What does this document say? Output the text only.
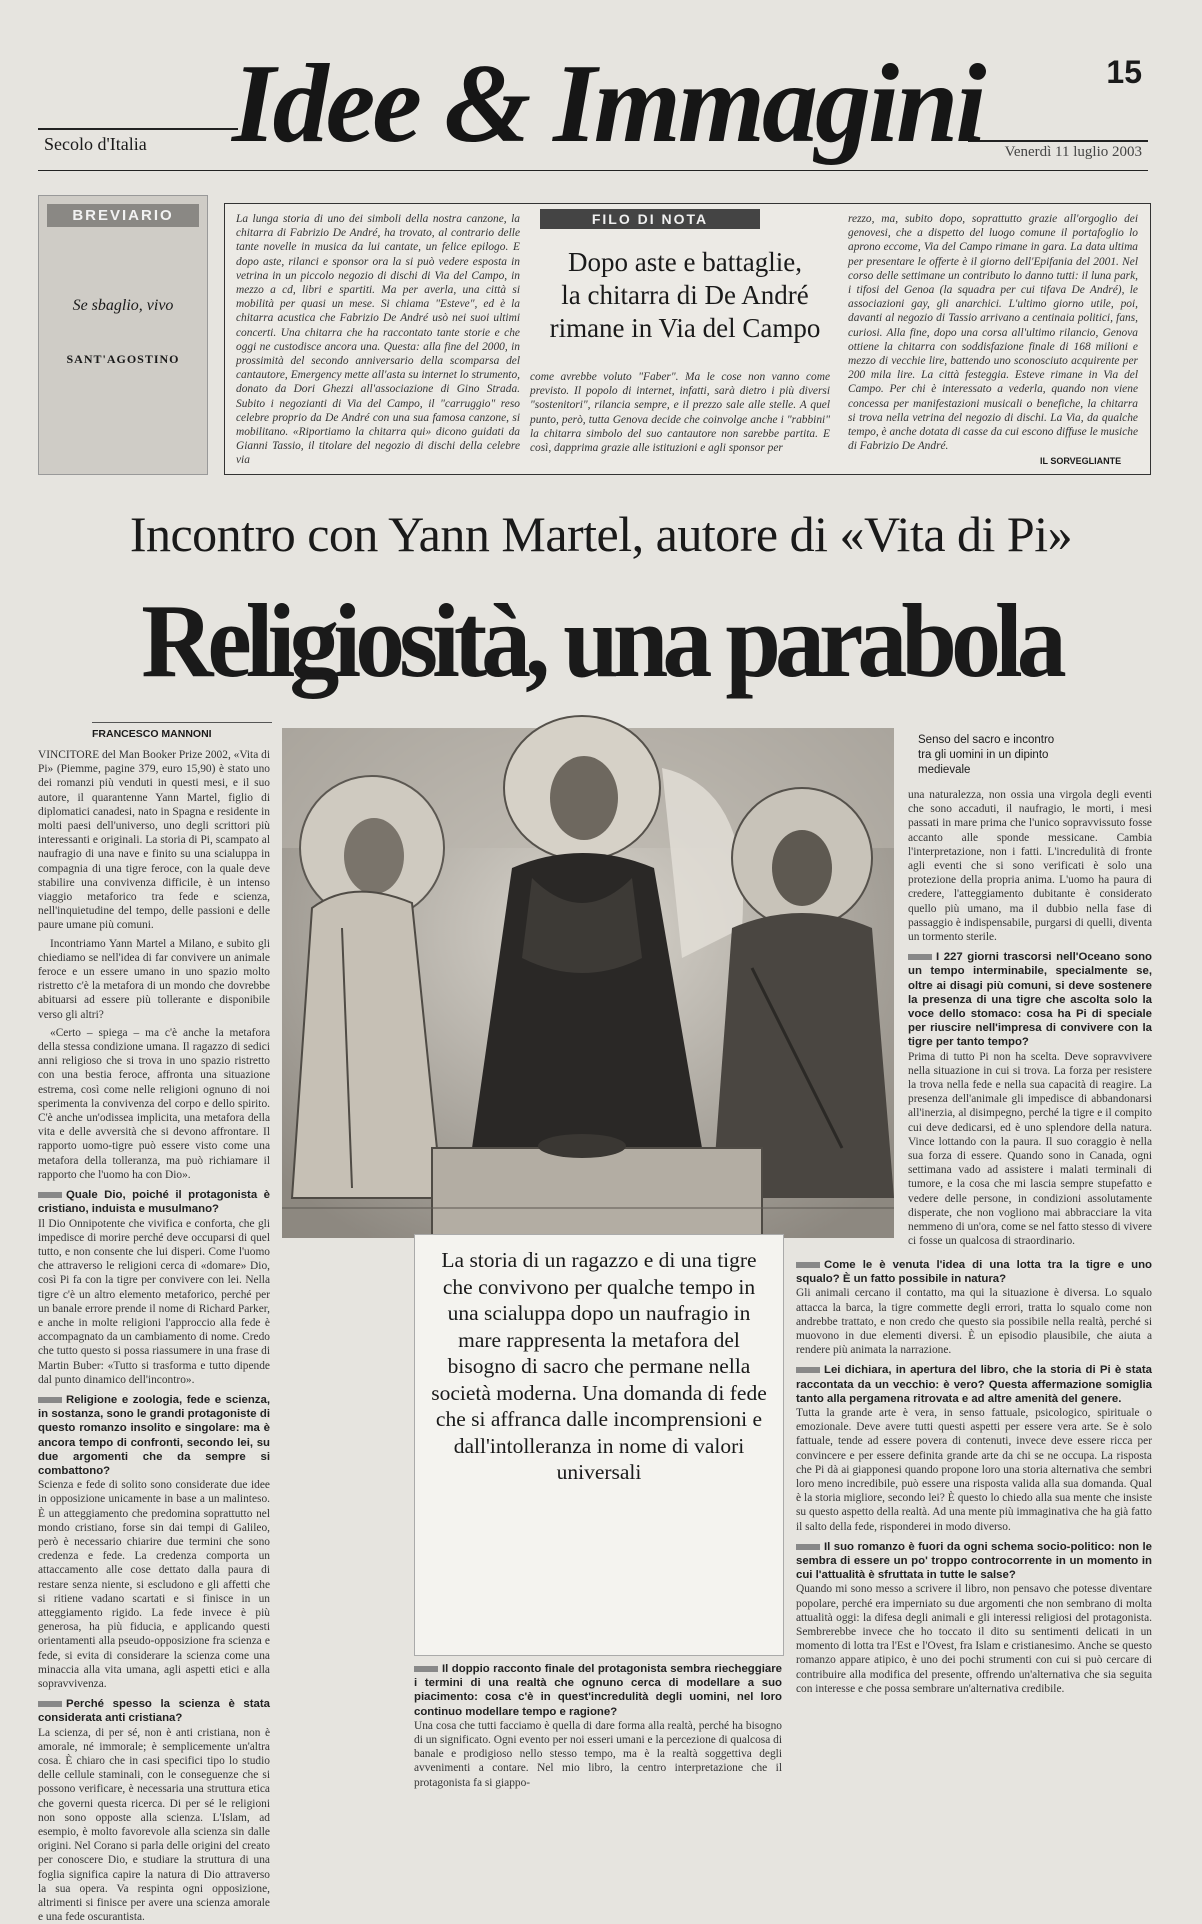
Idee & Immagini
Secolo d'Italia
15
Venerdì 11 luglio 2003
BREVIARIO
Se sbaglio, vivo
SANT'AGOSTINO
La lunga storia di uno dei simboli della nostra canzone, la chitarra di Fabrizio De André, ha trovato, al contrario delle tante novelle in musica da lui cantate, un felice epilogo. E dopo aste, rilanci e sponsor ora la si può vedere esposta in vetrina in un piccolo negozio di dischi di Via del Campo, in mezzo a cd, libri e spartiti. Ma per averla, una città si mobilità per quasi un mese. Si chiama "Esteve", ed è la chitarra acustica che Fabrizio De André usò nei suoi ultimi concerti. Una chitarra che ha raccontato tante storie e che oggi ne custodisce ancora una. Questa: alla fine del 2000, in prossimità del secondo anniversario della scomparsa del cantautore, Emergency mette all'asta su internet lo strumento, donato da Dori Ghezzi all'associazione di Gino Strada. Subito i negozianti di Via del Campo, il "carruggio" reso celebre proprio da De André con una sua famosa canzone, si mobilitano. «Riportiamo la chitarra qui» dicono guidati da Gianni Tassio, il titolare del negozio di dischi della celebre via
FILO DI NOTA
Dopo aste e battaglie,
la chitarra di De André
rimane in Via del Campo
come avrebbe voluto "Faber". Ma le cose non vanno come previsto. Il popolo di internet, infatti, sarà dietro i più diversi "sostenitori", rilancia sempre, e il prezzo sale alle stelle. A quel punto, però, tutta Genova decide che coinvolge anche i "rabbini" la chitarra simbolo del suo cantautore non sarebbe partita. E così, dapprima grazie alle istituzioni e agli sponsor per
rezzo, ma, subito dopo, soprattutto grazie all'orgoglio dei genovesi, che a dispetto del luogo comune il portafoglio lo aprono eccome, Via del Campo rimane in gara. La data ultima per presentare le offerte è il giorno dell'Epifania del 2001. Nel corso delle settimane un contributo lo danno tutti: il luna park, i tifosi del Genoa (la squadra per cui tifava De André), le associazioni gay, gli anarchici. L'ultimo giorno utile, poi, davanti al negozio di Tassio arrivano a centinaia politici, fans, curiosi. Alla fine, dopo una corsa all'ultimo rilancio, Genova ottiene la chitarra con soddisfazione finale di 168 milioni e mezzo di vecchie lire, battendo uno sconosciuto acquirente per 200 mila lire. La città festeggia. Esteve rimane in Via del Campo. Per chi è interessato a vederla, quando non viene concessa per manifestazioni musicali o benefiche, la chitarra si trova nella vetrina del negozio di dischi. La Via, da qualche tempo, è anche dotata di casse da cui escono diffuse le musiche di Fabrizio De André.
IL SORVEGLIANTE
Incontro con Yann Martel, autore di «Vita di Pi»
Religiosità, una parabola
FRANCESCO MANNONI

VINCITORE del Man Booker Prize 2002, «Vita di Pi» (Piemme, pagine 379, euro 15,90) è stato uno dei romanzi più venduti in questi mesi, e il suo autore, il quarantenne Yann Martel, figlio di diplomatici canadesi, nato in Spagna e residente in molti paesi dell'universo, uno degli scrittori più interessanti e originali. La storia di Pi, scampato al naufragio di una nave e finito su una scialuppa in compagnia di una tigre feroce, con la quale deve stabilire una convivenza difficile, è un intenso viaggio metaforico tra fede e scienza, nell'inquietudine del tempo, delle passioni e delle paure umane più comuni.

Incontriamo Yann Martel a Milano, e subito gli chiediamo se nell'idea di far convivere un animale feroce e un essere umano in uno spazio molto ristretto c'è la metafora di un mondo che dovrebbe abituarsi ad essere più tollerante e disponibile verso gli altri?

«Certo – spiega – ma c'è anche la metafora della stessa condizione umana. Il ragazzo di sedici anni religioso che si trova in uno spazio ristretto con una bestia feroce, affronta una situazione estrema, così come nelle religioni ognuno di noi sperimenta la convivenza del corpo e dello spirito. C'è anche un'odissea implicita, una metafora della vita e delle avversità che si devono affrontare. Il rapporto uomo-tigre può essere visto come una metafora della tolleranza, ma può richiamare il rapporto che l'uomo ha con Dio».

Quale Dio, poiché il protagonista è cristiano, induista e musulmano?

Il Dio Onnipotente che vivifica e conforta, che gli impedisce di morire perché deve occuparsi di quel tutto, e non consente che lui disperi. Come l'uomo che attraverso le religioni cerca di «domare» Dio, così Pi fa con la tigre per convivere con lei. Nella tigre c'è un altro elemento metaforico, perché per un banale errore prende il nome di Richard Parker, e anche in molte religioni l'approccio alla fede è accompagnato da un cambiamento di nome. Credo che tutto questo si possa riassumere in una frase di Martin Buber: «Tutto si trasforma e tutto dipende dal punto dinamico dell'incontro».

Religione e zoologia, fede e scienza, in sostanza, sono le grandi protagoniste di questo romanzo insolito e singolare: ma è ancora tempo di confronti, secondo lei, su due argomenti che da sempre si combattono?

Scienza e fede di solito sono considerate due idee in opposizione unicamente in base a un malinteso. È un atteggiamento che predomina soprattutto nel mondo cristiano, forse sin dai tempi di Galileo, però è necessario chiarire due termini che sono credenza e fede. La credenza comporta un attaccamento alle cose dettato dalla paura di restare senza niente, si escludono e gli affetti che si ritiene vadano scartati e si finisce in un atteggiamento rigido. La fede invece è più generosa, ha più fiducia, e applicando questi orientamenti alla pseudo-opposizione fra scienza e fede, si evita di considerare la scienza come una minaccia alla vita umana, agli aspetti etici e alla sopravvivenza.

Perché spesso la scienza è stata considerata anti cristiana?

La scienza, di per sé, non è anti cristiana, non è amorale, né immorale; è semplicemente un'altra cosa. È chiaro che in casi specifici tipo lo studio delle cellule staminali, con le conseguenze che si possono verificare, è necessaria una struttura etica che governi questa ricerca. Di per sé le religioni non sono opposte alla scienza. L'Islam, ad esempio, è molto favorevole alla scienza sin dalle origini. Nel Corano si parla delle origini del creato per conoscere Dio, e studiare la struttura di una foglia significa capire la natura di Dio attraverso la sua opera. Va respinta ogni opposizione, altrimenti si finisce per avere una scienza amorale e una fede oscurantista.

Senso del sacro e incontro tra gli uomini in un dipinto medievale
La storia di un ragazzo e di una tigre che convivono per qualche tempo in una scialuppa dopo un naufragio in mare rappresenta la metafora del bisogno di sacro che permane nella società moderna. Una domanda di fede che si affranca dalle incomprensioni e dall'intolleranza in nome di valori universali

Il doppio racconto finale del protagonista sembra riecheggiare i termini di una realtà che ognuno cerca di modellare a suo piacimento: cosa c'è in quest'incredulità degli uomini, nel loro continuo modellare tempo e ragione?

Una cosa che tutti facciamo è quella di dare forma alla realtà, perché ha bisogno di un significato. Ogni evento per noi esseri umani e la percezione di qualcosa di banale e prodigioso nello stesso tempo, ma è la realtà soggettiva degli avvenimenti a contare. Nel mio libro, la centro interpretazione che il protagonista fa si giappo-

una naturalezza, non ossia una virgola degli eventi che sono accaduti, il naufragio, le morti, i mesi passati in mare prima che l'unico sopravvissuto fosse accanto alle sponde messicane. Cambia l'interpretazione, non i fatti. L'incredulità di fronte agli eventi che si sono verificati è solo una protezione della propria anima. L'uomo ha paura di credere, l'atteggiamento dubitante è considerato quello più umano, ma il dubbio nella fase di passaggio è indispensabile, purgarsi di quelli, diventa un tormento sterile.

I 227 giorni trascorsi nell'Oceano sono un tempo interminabile, specialmente se, oltre ai disagi più comuni, si deve sostenere la presenza di una tigre che ascolta solo la voce dello stomaco: cosa ha Pi di speciale per riuscire nell'impresa di convivere con la tigre per tanto tempo?

Prima di tutto Pi non ha scelta. Deve sopravvivere nella situazione in cui si trova. La forza per resistere la trova nella fede e nella sua capacità di reagire. La presenza dell'animale gli impedisce di abbandonarsi all'inerzia, al disimpegno, perché la tigre e il compito cui deve dedicarsi, ed è uno splendore della natura. Vince lottando con la paura. Il suo coraggio è nella sua forza di essere. Quando sono in Canada, ogni settimana vado ad assistere i malati terminali di tumore, e la cosa che mi lascia sempre stupefatto e vedere delle persone, in condizioni assolutamente disperate, che non vogliono mai abbracciare la vita nemmeno di un'ora, come se nel fatto stesso di vivere ci fosse un qualcosa di straordinario.

Come le è venuta l'idea di una lotta tra la tigre e uno squalo? È un fatto possibile in natura?

Gli animali cercano il contatto, ma qui la situazione è diversa. Lo squalo attacca la barca, la tigre commette degli errori, tratta lo squalo come non andrebbe trattato, e non credo che questo sia possibile nella realtà, perché si muovono in due elementi diversi. È un episodio plausibile, che aiuta a rendere più animata la narrazione.

Lei dichiara, in apertura del libro, che la storia di Pi è stata raccontata da un vecchio: è vero? Questa affermazione somiglia tanto alla pergamena ritrovata e ad altre amenità del genere.

Tutta la grande arte è vera, in senso fattuale, psicologico, spirituale o emozionale. Deve avere tutti questi aspetti per essere vera arte. Se è solo fattuale, tende ad essere povera di contenuti, invece deve essere ricca per convincere e per essere definita grande arte da chi se ne occupa. La risposta che Pi dà ai giapponesi quando propone loro una storia alternativa che sembri loro meno incredibile, può essere una risposta valida alla sua domanda. Qual è la storia migliore, secondo lei? È questo lo chiedo alla sua mente che insiste su questo aspetto della realtà. Ad una mente più immaginativa che ha già fatto il salto della fede, risponderei in modo diverso.

Il suo romanzo è fuori da ogni schema socio-politico: non le sembra di essere un po' troppo controcorrente in un momento in cui l'attualità è sfruttata in tutte le salse?

Quando mi sono messo a scrivere il libro, non pensavo che potesse diventare popolare, perché era imperniato su due argomenti che non sembrano di molta attualità oggi: la difesa degli animali e gli interessi religiosi del protagonista. Sembrerebbe invece che ho toccato il dito su sentimenti delicati in un momento di lotta tra l'Est e l'Ovest, fra Islam e cristianesimo. Anche se questo romanzo appare atipico, è uno dei pochi strumenti con cui si può cercare di contribuire alla modifica del presente, offrendo un'alternativa che sia seguita con interesse e che possa sembrare un'alternativa credibile.
